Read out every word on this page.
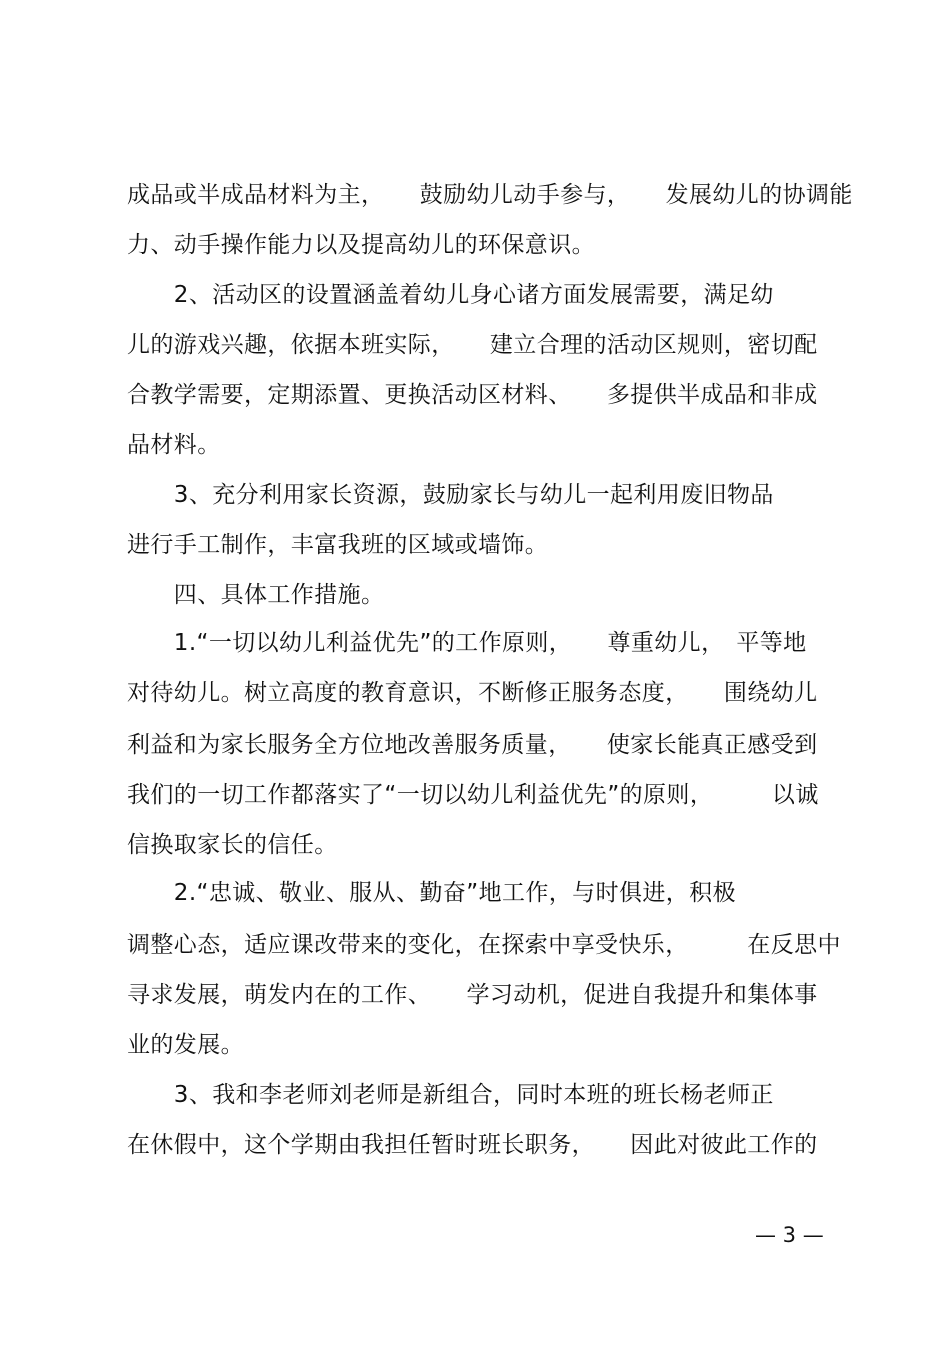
成品或半成品材料为主，　　鼓励幼儿动手参与，　　发展幼儿的协调能
力、动手操作能力以及提高幼儿的环保意识。
　　2、活动区的设置涵盖着幼儿身心诸方面发展需要，满足幼
儿的游戏兴趣，依据本班实际，　　建立合理的活动区规则，密切配
合教学需要，定期添置、更换活动区材料、　　多提供半成品和非成
品材料。
　　3、充分利用家长资源，鼓励家长与幼儿一起利用废旧物品
进行手工制作，丰富我班的区域或墙饰。
　　四、具体工作措施。
　　1.“一切以幼儿利益优先”的工作原则，　　尊重幼儿，　平等地
对待幼儿。树立高度的教育意识，不断修正服务态度，　　围绕幼儿
利益和为家长服务全方位地改善服务质量，　　使家长能真正感受到
我们的一切工作都落实了“一切以幼儿利益优先”的原则，　　　以诚
信换取家长的信任。
　　2.“忠诚、敬业、服从、勤奋”地工作，与时俱进，积极
调整心态，适应课改带来的变化，在探索中享受快乐，　　　在反思中
寻求发展，萌发内在的工作、　　学习动机，促进自我提升和集体事
业的发展。
　　3、我和李老师刘老师是新组合，同时本班的班长杨老师正
在休假中，这个学期由我担任暂时班长职务，　　因此对彼此工作的
— 3 —
